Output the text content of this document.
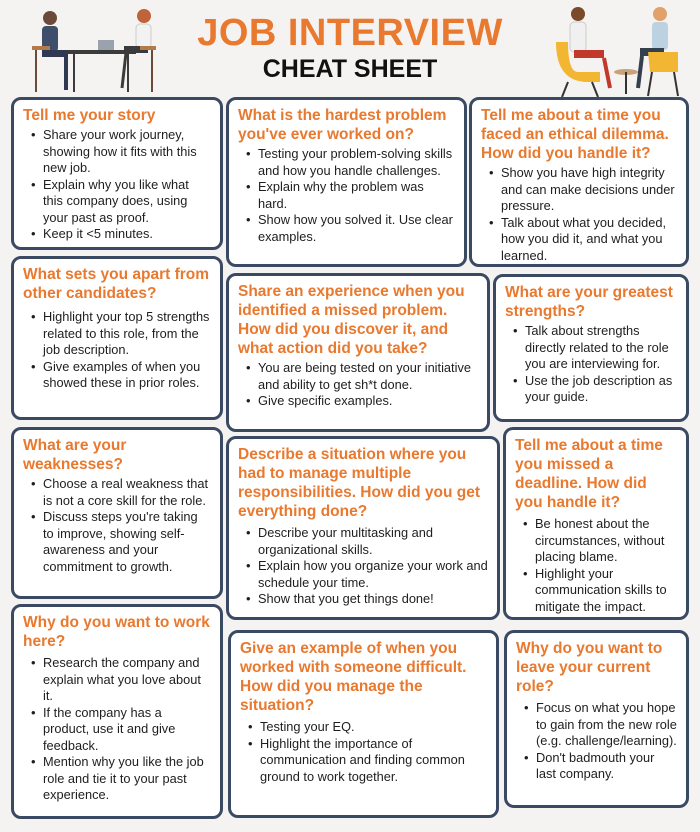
JOB INTERVIEW
CHEAT SHEET
Tell me your story
• Share your work journey, showing how it fits with this new job.
• Explain why you like what this company does, using your past as proof.
• Keep it <5 minutes.
What is the hardest problem you've ever worked on?
• Testing your problem-solving skills and how you handle challenges.
• Explain why the problem was hard.
• Show how you solved it. Use clear examples.
Tell me about a time you faced an ethical dilemma. How did you handle it?
• Show you have high integrity and can make decisions under pressure.
• Talk about what you decided, how you did it, and what you learned.
What sets you apart from other candidates?
• Highlight your top 5 strengths related to this role, from the job description.
• Give examples of when you showed these in prior roles.
Share an experience when you identified a missed problem. How did you discover it, and what action did you take?
• You are being tested on your initiative and ability to get sh*t done.
• Give specific examples.
What are your greatest strengths?
• Talk about strengths directly related to the role you are interviewing for.
• Use the job description as your guide.
What are your weaknesses?
• Choose a real weakness that is not a core skill for the role.
• Discuss steps you're taking to improve, showing self-awareness and your commitment to growth.
Describe a situation where you had to manage multiple responsibilities. How did you get everything done?
• Describe your multitasking and organizational skills.
• Explain how you organize your work and schedule your time.
• Show that you get things done!
Tell me about a time you missed a deadline. How did you handle it?
• Be honest about the circumstances, without placing blame.
• Highlight your communication skills to mitigate the impact.
Why do you want to work here?
• Research the company and explain what you love about it.
• If the company has a product, use it and give feedback.
• Mention why you like the job role and tie it to your past experience.
Give an example of when you worked with someone difficult. How did you manage the situation?
• Testing your EQ.
• Highlight the importance of communication and finding common ground to work together.
Why do you want to leave your current role?
• Focus on what you hope to gain from the new role (e.g. challenge/learning).
• Don't badmouth your last company.
